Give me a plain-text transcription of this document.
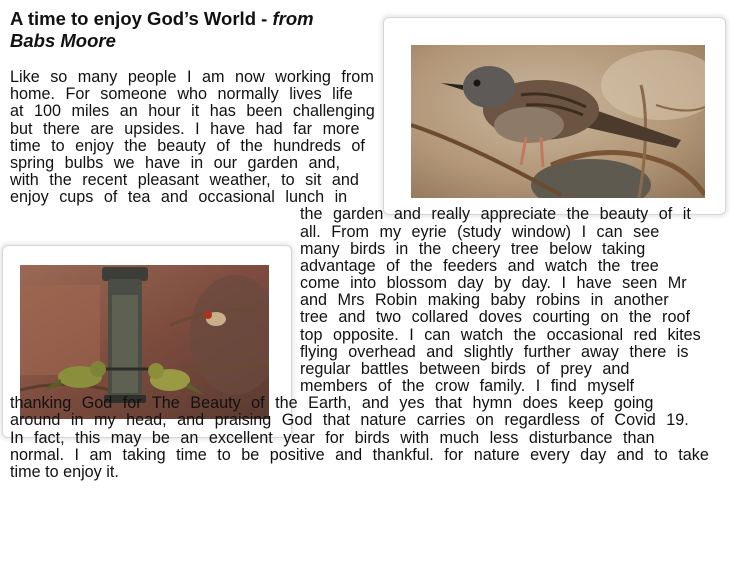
A time to enjoy God’s World - from
Babs Moore

Like so many people I am now working from

home. For someone who normally lives life

at 100 miles an hour it has been challenging

but there are upsides. I have had far more

time to enjoy the beauty of the hundreds of

spring bulbs we have in our garden and,

with the recent pleasant weather, to sit and

enjoy cups of tea and occasional lunch in

the garden and really appreciate the beauty of it

all. From my eyrie (study window) I can see

many birds in the cheery tree below taking

advantage of the feeders and watch the tree

come into blossom day by day. I have seen Mr

and Mrs Robin making baby robins in another

tree and two collared doves courting on the roof

top opposite. I can watch the occasional red kites

flying overhead and slightly further away there is

regular battles between birds of prey and

members of the crow family. I find myself

thanking God for The Beauty of the Earth, and yes that hymn does keep going

around in my head, and praising God that nature carries on regardless of Covid 19.

In fact, this may be an excellent year for birds with much less disturbance than

normal. I am taking time to be positive and thankful. for nature every day and to take

time to enjoy it.
